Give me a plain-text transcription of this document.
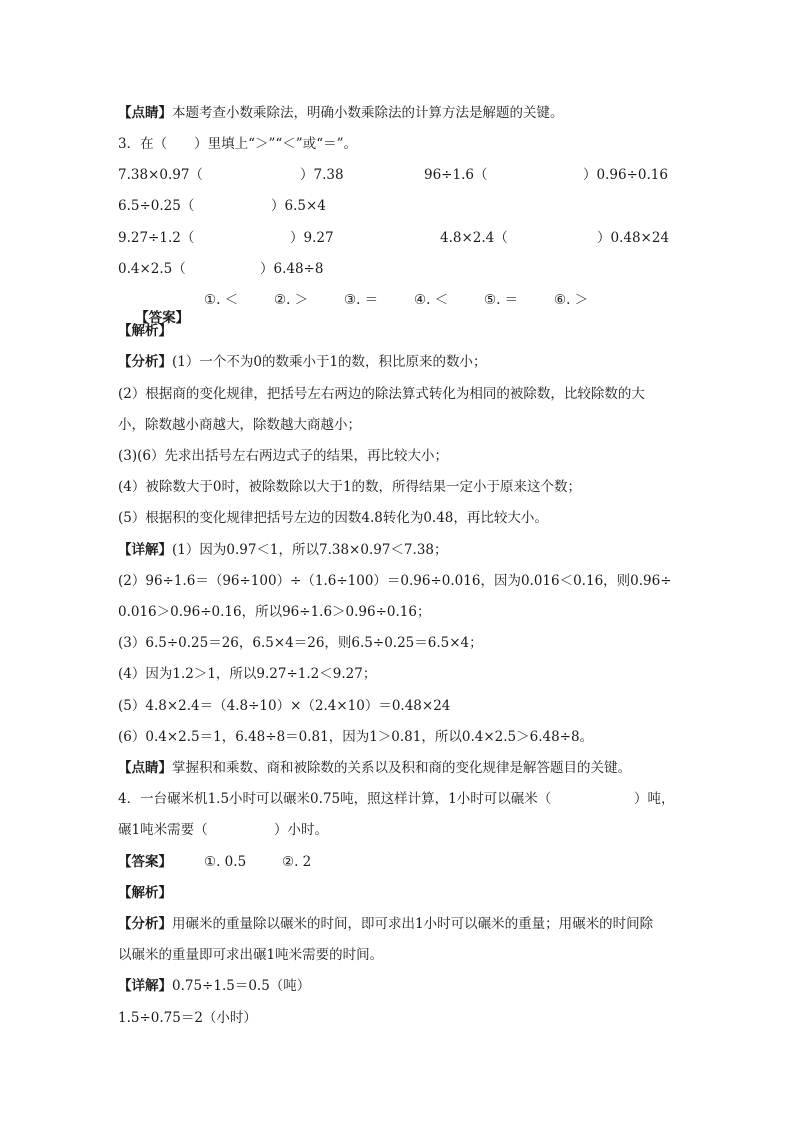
【点睛】本题考查小数乘除法，明确小数乘除法的计算方法是解题的关键。
3．在（　　）里填上“＞”“＜”或“＝”。
7.38×0.97（	）7.38	96÷1.6（	）0.96÷0.16
6.5÷0.25（	）6.5×4
9.27÷1.2（	）9.27	4.8×2.4（	）0.48×24
0.4×2.5（	）6.48÷8

【答案】

①. ＜	②. ＞	③. ＝	④. ＜	⑤. ＝	⑥. ＞
【解析】
【分析】(1）一个不为0的数乘小于1的数，积比原来的数小；
(2）根据商的变化规律，把括号左右两边的除法算式转化为相同的被除数，比较除数的大
小，除数越小商越大，除数越大商越小；
(3)(6）先求出括号左右两边式子的结果，再比较大小；
(4）被除数大于0时，被除数除以大于1的数，所得结果一定小于原来这个数；
(5）根据积的变化规律把括号左边的因数4.8转化为0.48，再比较大小。
【详解】(1）因为0.97＜1，所以7.38×0.97＜7.38；
(2）96÷1.6＝（96÷100）÷（1.6÷100）＝0.96÷0.016，因为0.016＜0.16，则0.96÷
0.016＞0.96÷0.16，所以96÷1.6＞0.96÷0.16；
(3）6.5÷0.25＝26，6.5×4＝26，则6.5÷0.25＝6.5×4；
(4）因为1.2＞1，所以9.27÷1.2＜9.27；
(5）4.8×2.4＝（4.8÷10）×（2.4×10）＝0.48×24
(6）0.4×2.5＝1，6.48÷8＝0.81，因为1＞0.81，所以0.4×2.5＞6.48÷8。
【点睛】掌握积和乘数、商和被除数的关系以及积和商的变化规律是解答题目的关键。
4．一台碾米机1.5小时可以碾米0.75吨，照这样计算，1小时可以碾米（	）吨，
碾1吨米需要（	）小时。
【答案】 ①. 0.5	②. 2
【解析】
【分析】用碾米的重量除以碾米的时间，即可求出1小时可以碾米的重量；用碾米的时间除
以碾米的重量即可求出碾1吨米需要的时间。
【详解】0.75÷1.5＝0.5（吨）
1.5÷0.75＝2（小时）
